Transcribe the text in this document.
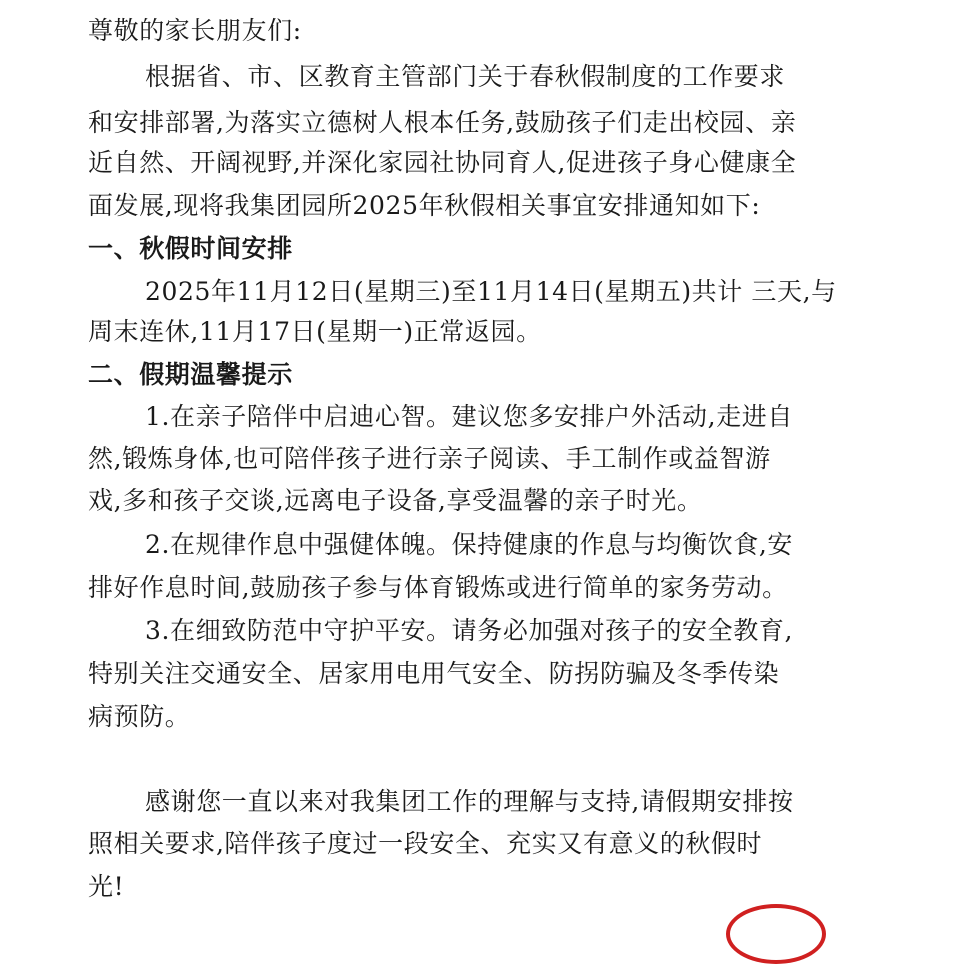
尊敬的家长朋友们:
根据省、市、区教育主管部门关于春秋假制度的工作要求
和安排部署,为落实立德树人根本任务,鼓励孩子们走出校园、亲
近自然、开阔视野,并深化家园社协同育人,促进孩子身心健康全
面发展,现将我集团园所2025年秋假相关事宜安排通知如下:
一、秋假时间安排
2025年11月12日(星期三)至11月14日(星期五)共计 三天,与
周末连休,11月17日(星期一)正常返园。
二、假期温馨提示
1.在亲子陪伴中启迪心智。建议您多安排户外活动,走进自
然,锻炼身体,也可陪伴孩子进行亲子阅读、手工制作或益智游
戏,多和孩子交谈,远离电子设备,享受温馨的亲子时光。
2.在规律作息中强健体魄。保持健康的作息与均衡饮食,安
排好作息时间,鼓励孩子参与体育锻炼或进行简单的家务劳动。
3.在细致防范中守护平安。请务必加强对孩子的安全教育,
特别关注交通安全、居家用电用气安全、防拐防骗及冬季传染
病预防。
感谢您一直以来对我集团工作的理解与支持,请假期安排按
照相关要求,陪伴孩子度过一段安全、充实又有意义的秋假时
光!
